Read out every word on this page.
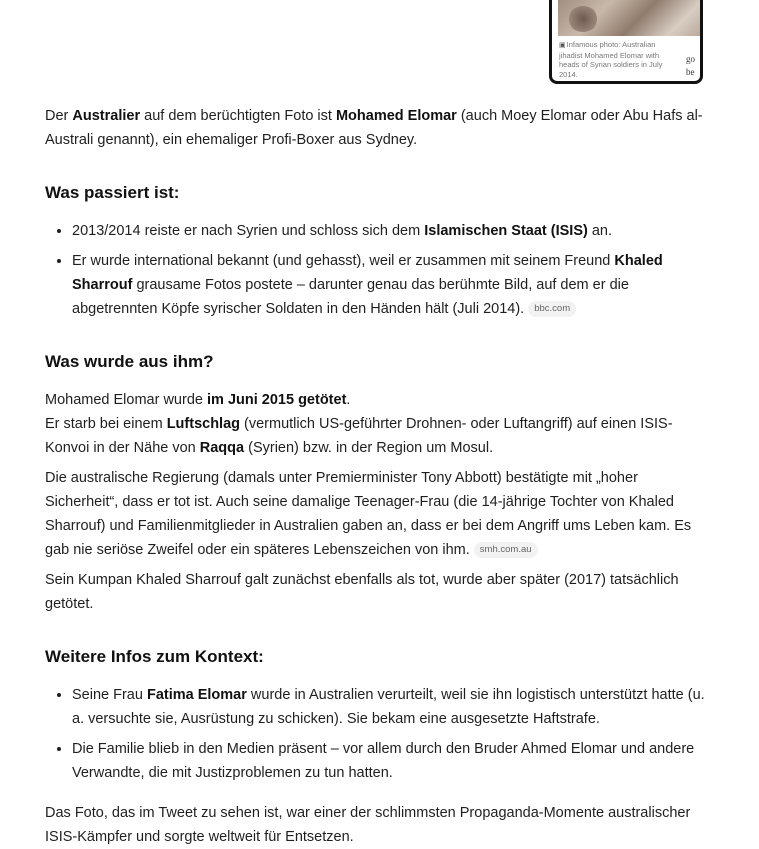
▣Infamous photo: Australian jihadist Mohamed Elomar with heads of Syrian soldiers in July 2014.
go
be

Der Australier auf dem berüchtigten Foto ist Mohamed Elomar (auch Moey Elomar oder Abu Hafs al-Australi genannt), ein ehemaliger Profi-Boxer aus Sydney.

Was passiert ist:
• 2013/2014 reiste er nach Syrien und schloss sich dem Islamischen Staat (ISIS) an.
• Er wurde international bekannt (und gehasst), weil er zusammen mit seinem Freund Khaled Sharrouf grausame Fotos postete – darunter genau das berühmte Bild, auf dem er die abgetrennten Köpfe syrischer Soldaten in den Händen hält (Juli 2014). bbc.com
Was wurde aus ihm?

Mohamed Elomar wurde im Juni 2015 getötet.
Er starb bei einem Luftschlag (vermutlich US-geführter Drohnen- oder Luftangriff) auf einen ISIS-Konvoi in der Nähe von Raqqa (Syrien) bzw. in der Region um Mosul.

Die australische Regierung (damals unter Premierminister Tony Abbott) bestätigte mit „hoher Sicherheit“, dass er tot ist. Auch seine damalige Teenager-Frau (die 14-jährige Tochter von Khaled Sharrouf) und Familienmitglieder in Australien gaben an, dass er bei dem Angriff ums Leben kam. Es gab nie seriöse Zweifel oder ein späteres Lebenszeichen von ihm. smh.com.au

Sein Kumpan Khaled Sharrouf galt zunächst ebenfalls als tot, wurde aber später (2017) tatsächlich getötet.

Weitere Infos zum Kontext:
• Seine Frau Fatima Elomar wurde in Australien verurteilt, weil sie ihn logistisch unterstützt hatte (u. a. versuchte sie, Ausrüstung zu schicken). Sie bekam eine ausgesetzte Haftstrafe.
• Die Familie blieb in den Medien präsent – vor allem durch den Bruder Ahmed Elomar und andere Verwandte, die mit Justizproblemen zu tun hatten.

Das Foto, das im Tweet zu sehen ist, war einer der schlimmsten Propaganda-Momente australischer ISIS-Kämpfer und sorgte weltweit für Entsetzen.
